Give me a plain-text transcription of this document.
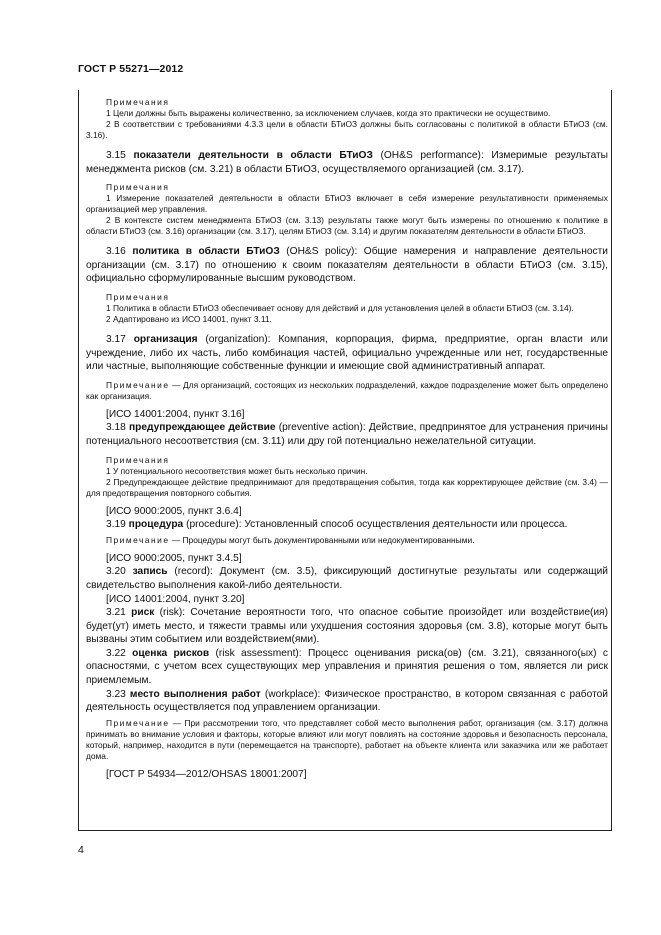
ГОСТ Р 55271—2012

Примечания

1 Цели должны быть выражены количественно, за исключением случаев, когда это практически не осуществимо.

2 В соответствии с требованиями 4.3.3 цели в области БТиОЗ должны быть согласованы с политикой в области БТиОЗ (см. 3.16).

3.15 показатели деятельности в области БТиОЗ (OH&S performance): Измеримые результаты менеджмента рисков (см. 3.21) в области БТиОЗ, осуществляемого организацией (см. 3.17).

Примечания

1 Измерение показателей деятельности в области БТиОЗ включает в себя измерение результативности применяемых организацией мер управления.

2 В контексте систем менеджмента БТиОЗ (см. 3.13) результаты также могут быть измерены по отношению к политике в области БТиОЗ (см. 3.16) организации (см. 3.17), целям БТиОЗ (см. 3.14) и другим показателям деятельности в области БТиОЗ.

3.16 политика в области БТиОЗ (OH&S policy): Общие намерения и направление деятельности организации (см. 3.17) по отношению к своим показателям деятельности в области БТиОЗ (см. 3.15), официально сформулированные высшим руководством.

Примечания

1 Политика в области БТиОЗ обеспечивает основу для действий и для установления целей в области БТиОЗ (см. 3.14).

2 Адаптировано из ИСО 14001, пункт 3.11.

3.17 организация (organization): Компания, корпорация, фирма, предприятие, орган власти или учреждение, либо их часть, либо комбинация частей, официально учрежденные или нет, государственные или частные, выполняющие собственные функции и имеющие свой административный аппарат.

Примечание — Для организаций, состоящих из нескольких подразделений, каждое подразделение может быть определено как организация.

[ИСО 14001:2004, пункт 3.16]

3.18 предупреждающее действие (preventive action): Действие, предпринятое для устранения причины потенциального несоответствия (см. 3.11) или дру гой потенциально нежелательной ситуации.

Примечания

1 У потенциального несоответствия может быть несколько причин.

2 Предупреждающее действие предпринимают для предотвращения события, тогда как корректирующее действие (см. 3.4) — для предотвращения повторного события.

[ИСО 9000:2005, пункт 3.6.4]

3.19 процедура (procedure): Установленный способ осуществления деятельности или процесса.

Примечание — Процедуры могут быть документированными или недокументированными.

[ИСО 9000:2005, пункт 3.4.5]

3.20 запись (record): Документ (см. 3.5), фиксирующий достигнутые результаты или содержащий свидетельство выполнения какой-либо деятельности.

[ИСО 14001:2004, пункт 3.20]

3.21 риск (risk): Сочетание вероятности того, что опасное событие произойдет или воздействие(ия) будет(ут) иметь место, и тяжести травмы или ухудшения состояния здоровья (см. 3.8), которые могут быть вызваны этим событием или воздействием(ями).

3.22 оценка рисков (risk assessment): Процесс оценивания риска(ов) (см. 3.21), связанного(ых) с опасностями, с учетом всех существующих мер управления и принятия решения о том, является ли риск приемлемым.

3.23 место выполнения работ (workplace): Физическое пространство, в котором связанная с работой деятельность осуществляется под управлением организации.

Примечание — При рассмотрении того, что представляет собой место выполнения работ, организация (см. 3.17) должна принимать во внимание условия и факторы, которые влияют или могут повлиять на состояние здоровья и безопасность персонала, который, например, находится в пути (перемещается на транспорте), работает на объекте клиента или заказчика или же работает дома.

[ГОСТ Р 54934—2012/OHSAS 18001:2007]

4
